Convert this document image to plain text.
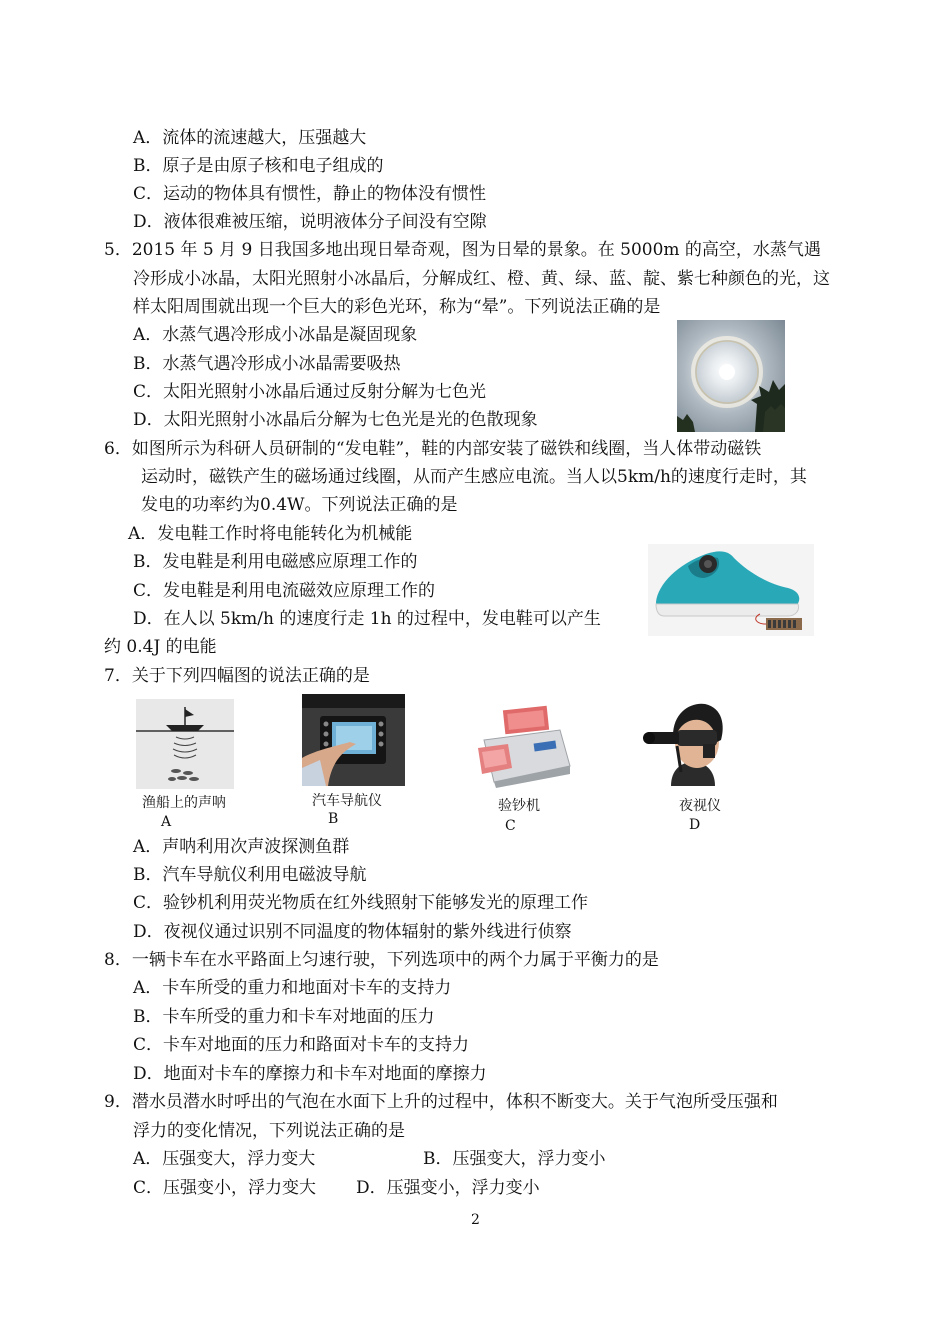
A．流体的流速越大，压强越大
B．原子是由原子核和电子组成的
C．运动的物体具有惯性，静止的物体没有惯性
D．液体很难被压缩，说明液体分子间没有空隙
5．2015 年 5 月 9 日我国多地出现日晕奇观，图为日晕的景象。在 5000m 的高空，水蒸气遇
冷形成小冰晶，太阳光照射小冰晶后，分解成红、橙、黄、绿、蓝、靛、紫七种颜色的光，这
样太阳周围就出现一个巨大的彩色光环，称为“晕”。下列说法正确的是
A．水蒸气遇冷形成小冰晶是凝固现象
B．水蒸气遇冷形成小冰晶需要吸热
C．太阳光照射小冰晶后通过反射分解为七色光
D．太阳光照射小冰晶后分解为七色光是光的色散现象
6．如图所示为科研人员研制的“发电鞋”，鞋的内部安装了磁铁和线圈，当人体带动磁铁
运动时，磁铁产生的磁场通过线圈，从而产生感应电流。当人以5km/h的速度行走时，其
发电的功率约为0.4W。下列说法正确的是
A．发电鞋工作时将电能转化为机械能
B．发电鞋是利用电磁感应原理工作的
C．发电鞋是利用电流磁效应原理工作的
D．在人以 5km/h 的速度行走 1h 的过程中，发电鞋可以产生
约 0.4J 的电能
7．关于下列四幅图的说法正确的是
渔船上的声呐
A
汽车导航仪
B
验钞机
C
夜视仪
D
A．声呐利用次声波探测鱼群
B．汽车导航仪利用电磁波导航
C．验钞机利用荧光物质在红外线照射下能够发光的原理工作
D．夜视仪通过识别不同温度的物体辐射的紫外线进行侦察
8．一辆卡车在水平路面上匀速行驶，下列选项中的两个力属于平衡力的是
A．卡车所受的重力和地面对卡车的支持力
B．卡车所受的重力和卡车对地面的压力
C．卡车对地面的压力和路面对卡车的支持力
D．地面对卡车的摩擦力和卡车对地面的摩擦力
9．潜水员潜水时呼出的气泡在水面下上升的过程中，体积不断变大。关于气泡所受压强和
浮力的变化情况，下列说法正确的是
A．压强变大，浮力变大	B．压强变大，浮力变小
C．压强变小，浮力变大 D．压强变小，浮力变小
2
